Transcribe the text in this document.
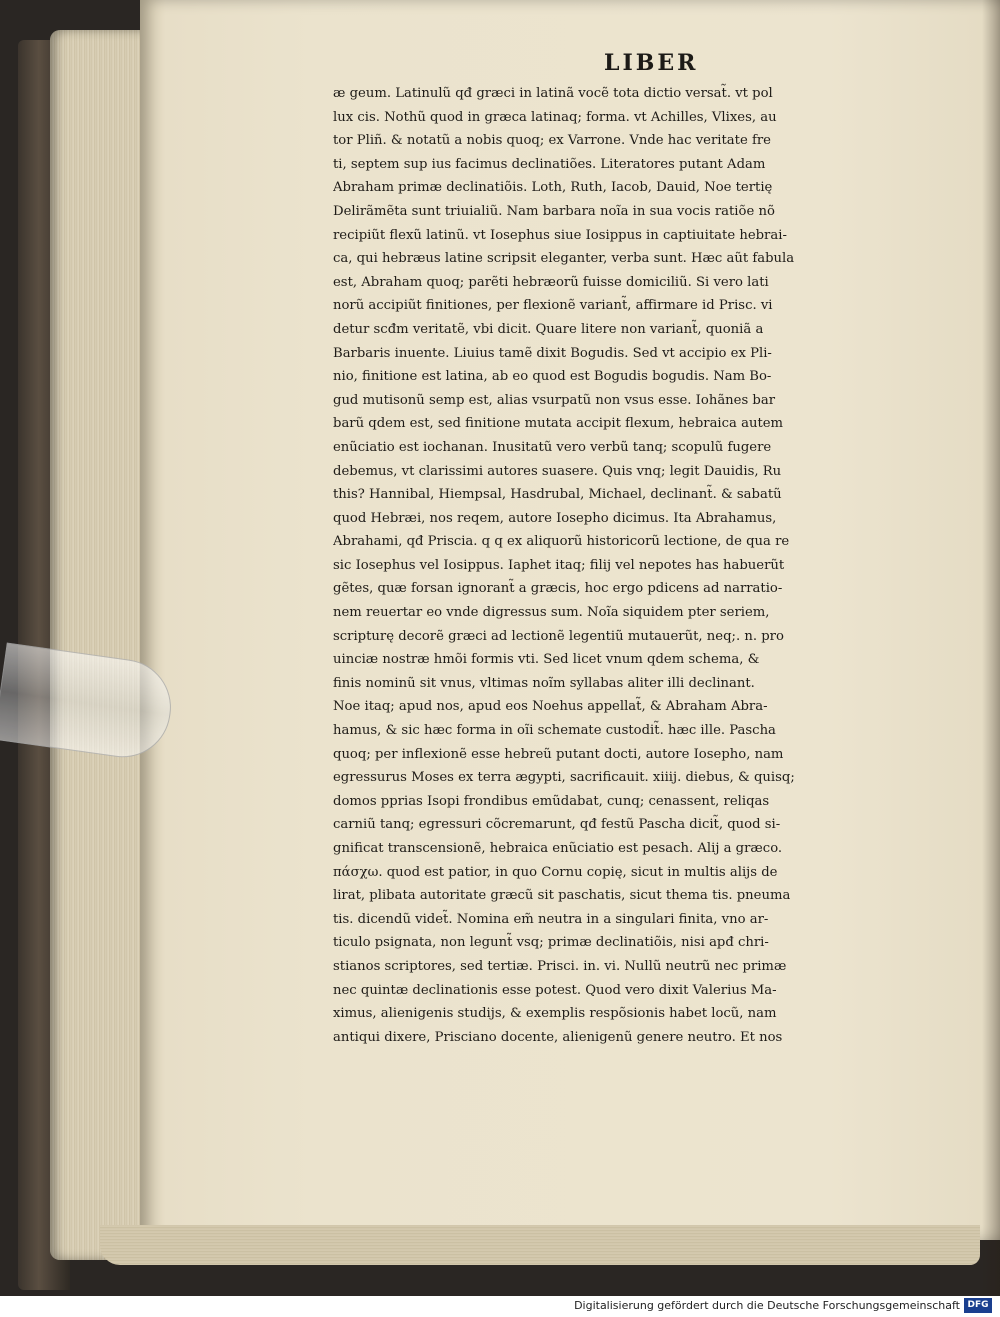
LIBER
æ geum. Latinulũ qđ græci in latinã vocẽ tota dictio versat̃. vt pol
lux cis. Nothũ quod in græca latinaq; forma. vt Achilles, Vlixes, au
tor Pliñ. & notatũ a nobis quoq; ex Varrone. Vnde hac veritate fre
ti, septem sup ius facimus declinatiões. Literatores putant Adam
Abraham primæ declinatiõis. Loth, Ruth, Iacob, Dauid, Noe tertię
Delirãmẽta sunt triuialiũ. Nam barbara noĩa in sua vocis ratiõe nõ
recipiũt flexũ latinũ. vt Iosephus siue Iosippus in captiuitate hebrai-
ca, qui hebræus latine scripsit eleganter, verba sunt. Hæc aũt fabula
est, Abraham quoq; parẽti hebræorũ fuisse domiciliũ. Si vero lati
norũ accipiũt finitiones, per flexionẽ variant̃, affirmare id Prisc. vi
detur scđm veritatẽ, vbi dicit. Quare litere non variant̃, quoniã a
Barbaris inuente. Liuius tamẽ dixit Bogudis. Sed vt accipio ex Pli-
nio, finitione est latina, ab eo quod est Bogudis bogudis. Nam Bo-
gud mutisonũ semp est, alias vsurpatũ non vsus esse. Iohãnes bar
barũ qdem est, sed finitione mutata accipit flexum, hebraica autem
enũciatio est iochanan. Inusitatũ vero verbũ tanq; scopulũ fugere
debemus, vt clarissimi autores suasere. Quis vnq; legit Dauidis, Ru
this? Hannibal, Hiempsal, Hasdrubal, Michael, declinant̃. & sabatũ
quod Hebræi, nos reqem, autore Iosepho dicimus. Ita Abrahamus,
Abrahami, qđ Priscia. q q ex aliquorũ historicorũ lectione, de qua re
sic Iosephus vel Iosippus. Iaphet itaq; filij vel nepotes has habuerũt
gẽtes, quæ forsan ignorant̃ a græcis, hoc ergo pdicens ad narratio-
nem reuertar eo vnde digressus sum. Noĩa siquidem pter seriem,
scripturę decorẽ græci ad lectionẽ legentiũ mutauerũt, neq;. n. pro
uinciæ nostræ hmõi formis vti. Sed licet vnum qdem schema, &
finis nominũ sit vnus, vltimas noĩm syllabas aliter illi declinant.
Noe itaq; apud nos, apud eos Noehus appellat̃, & Abraham Abra-
hamus, & sic hæc forma in oĩi schemate custodit̃. hæc ille. Pascha
quoq; per inflexionẽ esse hebreũ putant docti, autore Iosepho, nam
egressurus Moses ex terra ægypti, sacrificauit. xiiij. diebus, & quisq;
domos pprias Isopi frondibus emũdabat, cunq; cenassent, reliqas
carniũ tanq; egressuri cõcremarunt, qđ festũ Pascha dicit̃, quod si-
gnificat transcensionẽ, hebraica enũciatio est pesach. Alij a græco.
πάσχω. quod est patior, in quo Cornu copię, sicut in multis alijs de
lirat, plibata autoritate græcũ sit paschatis, sicut thema tis. pneuma
tis. dicendũ videt̃. Nomina em̃ neutra in a singulari finita, vno ar-
ticulo psignata, non legunt̃ vsq; primæ declinatiõis, nisi apđ chri-
stianos scriptores, sed tertiæ. Prisci. in. vi. Nullũ neutrũ nec primæ
nec quintæ declinationis esse potest. Quod vero dixit Valerius Ma-
ximus, alienigenis studijs, & exemplis respõsionis habet locũ, nam
antiqui dixere, Prisciano docente, alienigenũ genere neutro. Et nos
Digitalisierung gefördert durch die Deutsche Forschungsgemeinschaft DFG
